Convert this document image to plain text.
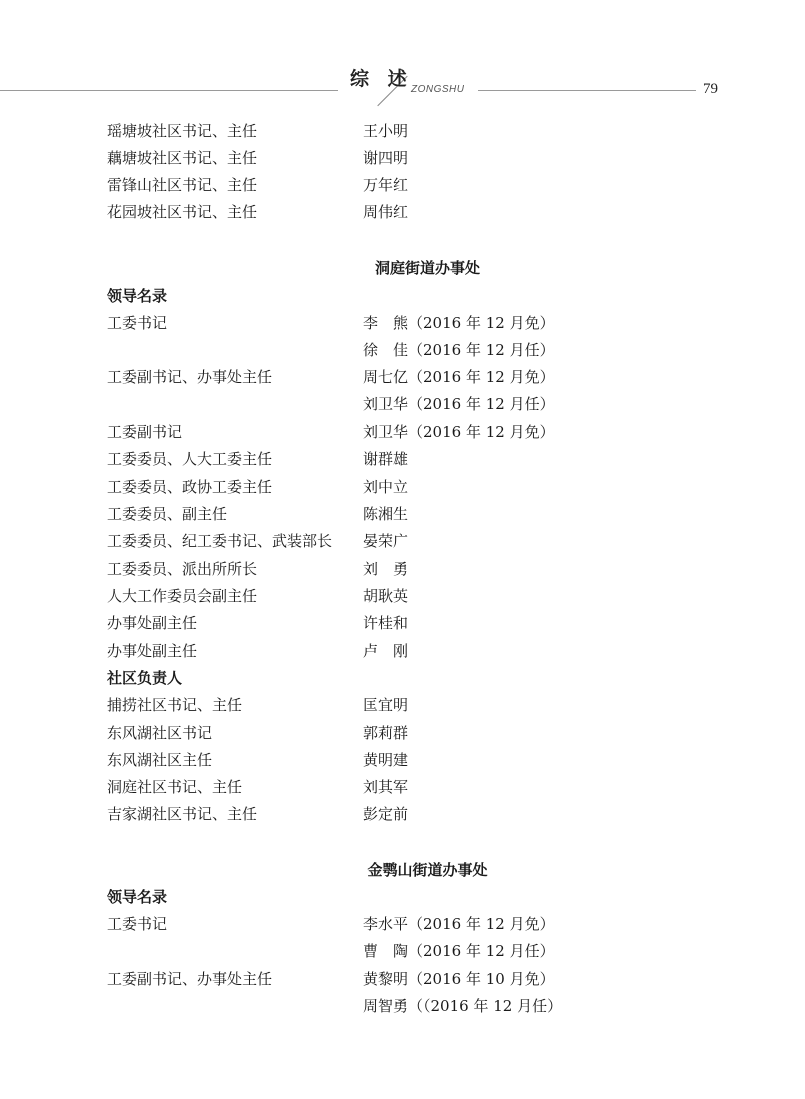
综 述
ZONGSHU	79
瑶塘坡社区书记、主任	王小明
藕塘坡社区书记、主任	谢四明
雷锋山社区书记、主任	万年红
花园坡社区书记、主任	周伟红
洞庭街道办事处
领导名录
工委书记	李　熊（2016 年 12 月免）
徐　佳（2016 年 12 月任）
工委副书记、办事处主任	周七亿（2016 年 12 月免）
刘卫华（2016 年 12 月任）
工委副书记	刘卫华（2016 年 12 月免）
工委委员、人大工委主任	谢群雄
工委委员、政协工委主任	刘中立
工委委员、副主任	陈湘生
工委委员、纪工委书记、武装部长 晏荣广
工委委员、派出所所长	刘　勇
人大工作委员会副主任	胡耿英
办事处副主任	许桂和
办事处副主任	卢　刚
社区负责人
捕捞社区书记、主任	匡宜明
东风湖社区书记	郭莉群
东风湖社区主任	黄明建
洞庭社区书记、主任	刘其军
吉家湖社区书记、主任	彭定前
金鹗山街道办事处
领导名录
工委书记	李水平（2016 年 12 月免）
曹　陶（2016 年 12 月任）
工委副书记、办事处主任	黄黎明（2016 年 10 月免）
周智勇（（2016 年 12 月任）
